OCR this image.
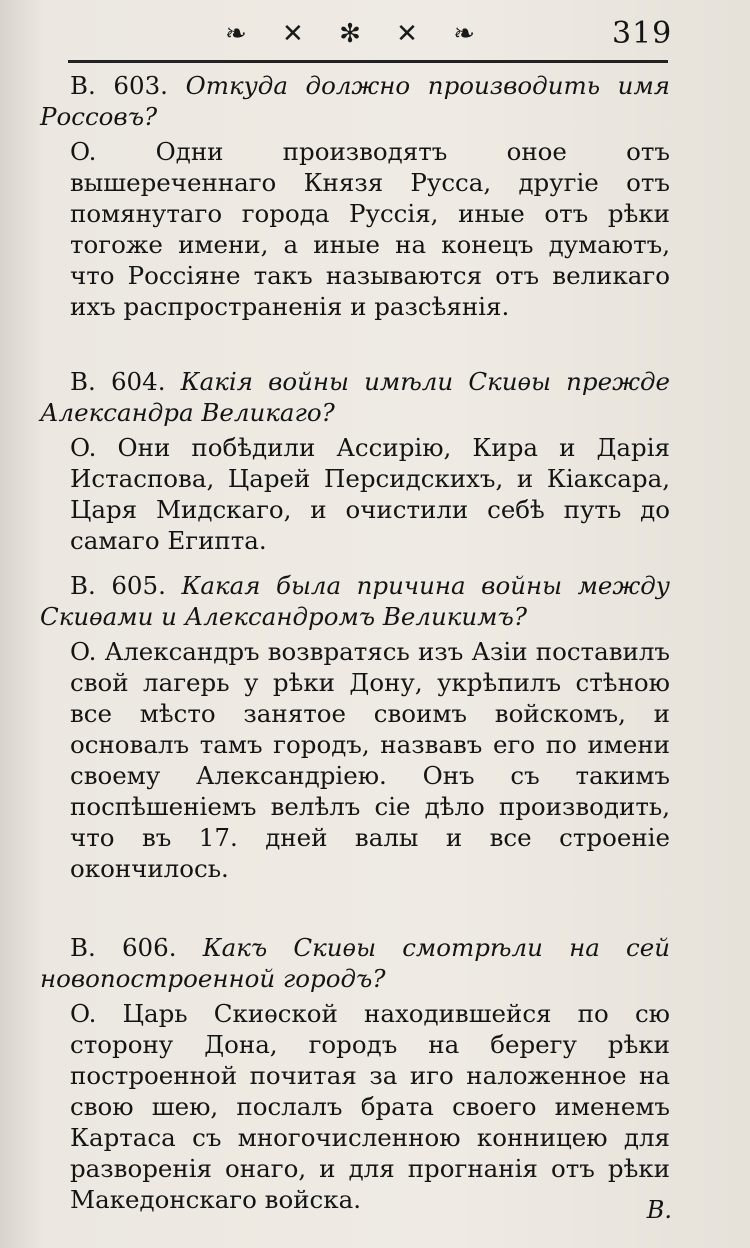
❧ ✕ ✻ ✕ ❧	319

B. 603. Откуда должно производить имя Россовъ?

O. Одни производятъ оное отъ вышереченнаго Князя Русса, другiе отъ помянутаго города Руссiя, иные отъ рѣки тогоже имени, а иные на конецъ думаютъ, что Россiяне такъ называются отъ великаго ихъ распространенiя и разсѣянiя.

B. 604. Какiя войны имѣли Скиѳы прежде Александра Великаго?

O. Они побѣдили Ассирiю, Кира и Дарiя Истаспова, Царей Персидскихъ, и Кiаксара, Царя Мидскаго, и очистили себѣ путь до самаго Египта.

B. 605. Какая была причина войны между Скиѳами и Александромъ Великимъ?

O. Александръ возвратясь изъ Азiи поставилъ свой лагерь у рѣки Дону, укрѣпилъ стѣною все мѣсто занятое своимъ войскомъ, и основалъ тамъ городъ, назвавъ его по имени своему Александрiею. Онъ съ такимъ поспѣшенiемъ велѣлъ сiе дѣло производить, что въ 17. дней валы и все строенiе окончилось.

B. 606. Какъ Скиѳы смотрѣли на сей новопостроенной городъ?

O. Царь Скиѳской находившейся по сю сторону Дона, городъ на берегу рѣки построенной почитая за иго наложенное на свою шею, послалъ брата своего именемъ Картаса съ многочисленною конницею для разворенiя онаго, и для прогнанiя отъ рѣки Македонскаго войска.	B.
